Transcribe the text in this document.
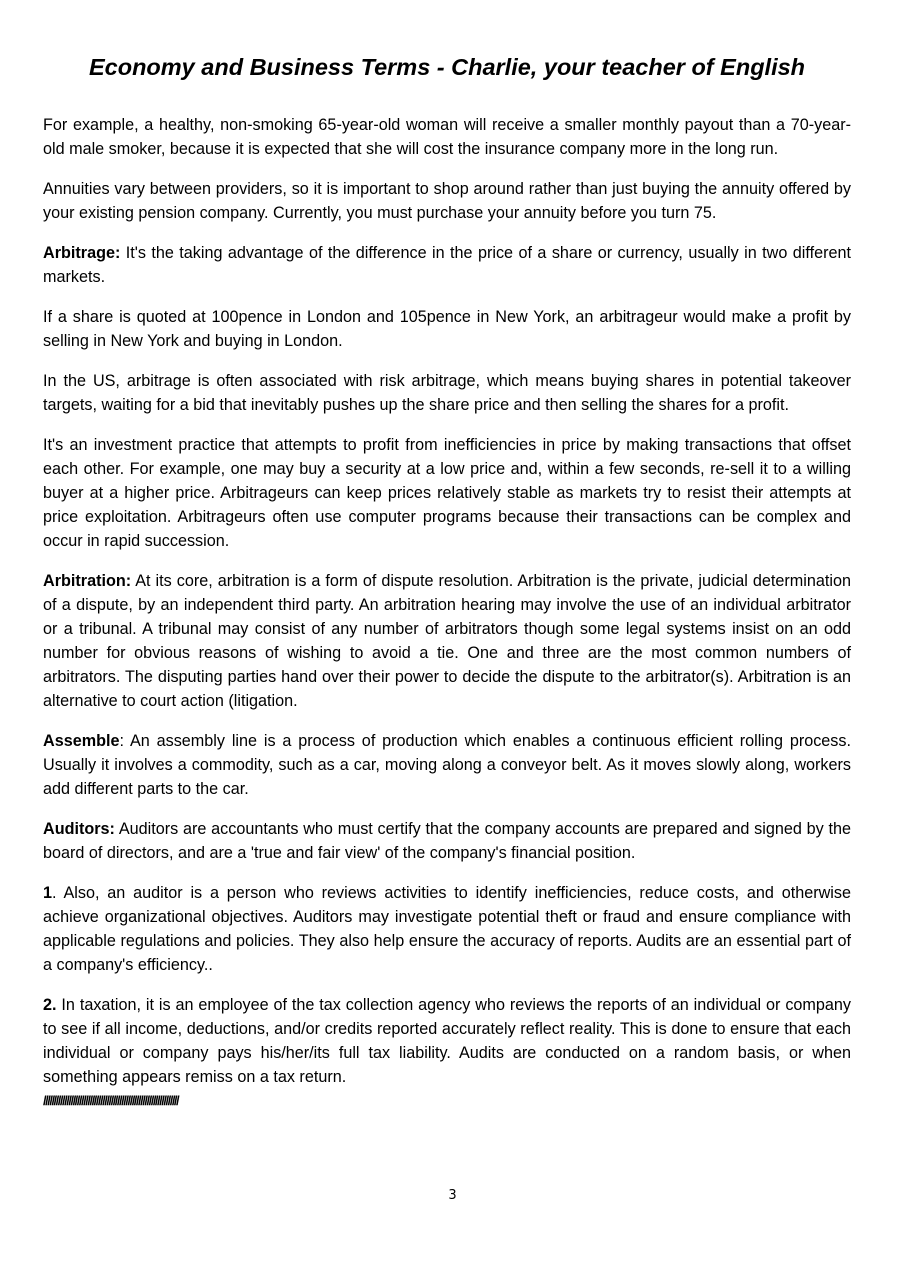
Economy and Business Terms - Charlie, your teacher of English

For example, a healthy, non-smoking 65-year-old woman will receive a smaller monthly payout than a 70-year-old male smoker, because it is expected that she will cost the insurance company more in the long run.

Annuities vary between providers, so it is important to shop around rather than just buying the annuity offered by your existing pension company. Currently, you must purchase your annuity before you turn 75.

Arbitrage: It's the taking advantage of the difference in the price of a share or currency, usually in two different markets.

If a share is quoted at 100pence in London and 105pence in New York, an arbitrageur would make a profit by selling in New York and buying in London.

In the US, arbitrage is often associated with risk arbitrage, which means buying shares in potential takeover targets, waiting for a bid that inevitably pushes up the share price and then selling the shares for a profit.

It's an investment practice that attempts to profit from inefficiencies in price by making transactions that offset each other. For example, one may buy a security at a low price and, within a few seconds, re-sell it to a willing buyer at a higher price. Arbitrageurs can keep prices relatively stable as markets try to resist their attempts at price exploitation. Arbitrageurs often use computer programs because their transactions can be complex and occur in rapid succession.

Arbitration: At its core, arbitration is a form of dispute resolution. Arbitration is the private, judicial determination of a dispute, by an independent third party. An arbitration hearing may involve the use of an individual arbitrator or a tribunal. A tribunal may consist of any number of arbitrators though some legal systems insist on an odd number for obvious reasons of wishing to avoid a tie. One and three are the most common numbers of arbitrators. The disputing parties hand over their power to decide the dispute to the arbitrator(s). Arbitration is an alternative to court action (litigation.

Assemble: An assembly line is a process of production which enables a continuous efficient rolling process. Usually it involves a commodity, such as a car, moving along a conveyor belt. As it moves slowly along, workers add different parts to the car.

Auditors: Auditors are accountants who must certify that the company accounts are prepared and signed by the board of directors, and are a 'true and fair view' of the company's financial position.

1. Also, an auditor is a person who reviews activities to identify inefficiencies, reduce costs, and otherwise achieve organizational objectives. Auditors may investigate potential theft or fraud and ensure compliance with applicable regulations and policies. They also help ensure the accuracy of reports. Audits are an essential part of a company's efficiency..

2. In taxation, it is an employee of the tax collection agency who reviews the reports of an individual or company to see if all income, deductions, and/or credits reported accurately reflect reality. This is done to ensure that each individual or company pays his/her/its full tax liability. Audits are conducted on a random basis, or when something appears remiss on a tax return.
////////////////////////////////////////////////////////////////

3
